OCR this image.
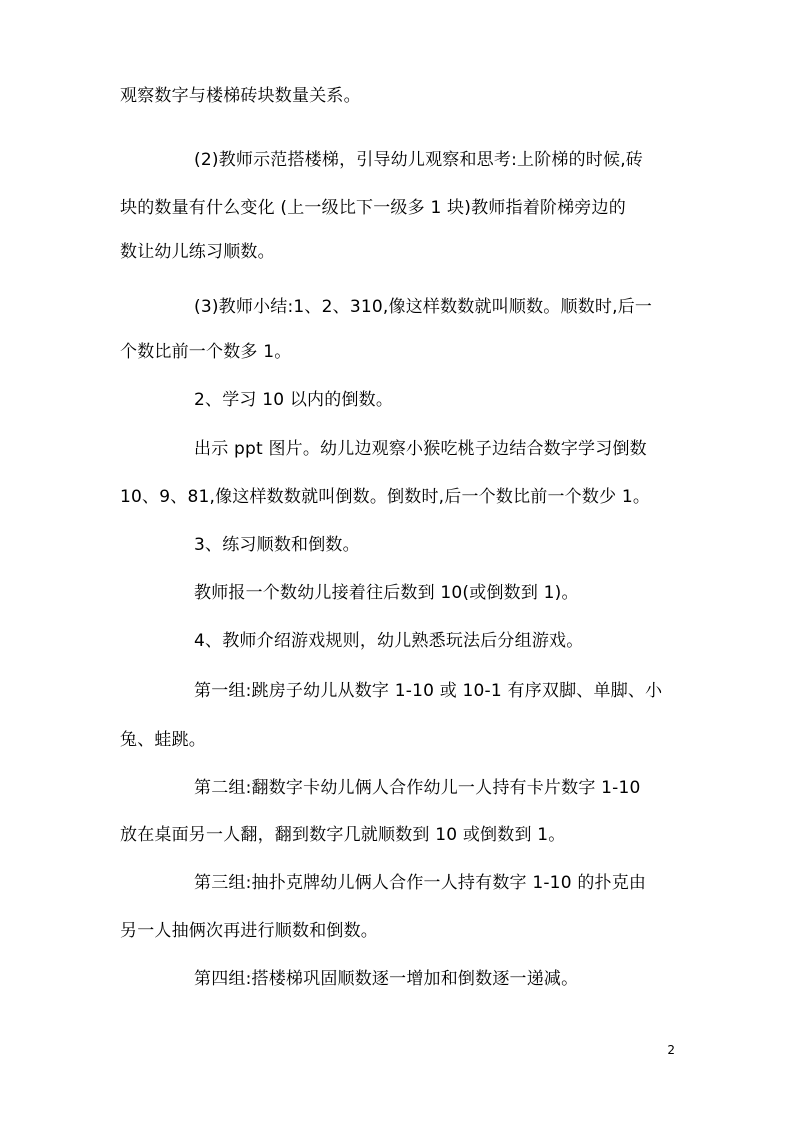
观察数字与楼梯砖块数量关系。
(2)教师示范搭楼梯，引导幼儿观察和思考:上阶梯的时候,砖
块的数量有什么变化 (上一级比下一级多 1 块)教师指着阶梯旁边的
数让幼儿练习顺数。
(3)教师小结:1、2、310,像这样数数就叫顺数。顺数时,后一
个数比前一个数多 1。
2、学习 10 以内的倒数。
出示 ppt 图片。幼儿边观察小猴吃桃子边结合数字学习倒数
10、9、81,像这样数数就叫倒数。倒数时,后一个数比前一个数少 1。
3、练习顺数和倒数。
教师报一个数幼儿接着往后数到 10(或倒数到 1)。
4、教师介绍游戏规则，幼儿熟悉玩法后分组游戏。
第一组:跳房子幼儿从数字 1-10 或 10-1 有序双脚、单脚、小
兔、蛙跳。
第二组:翻数字卡幼儿俩人合作幼儿一人持有卡片数字 1-10
放在桌面另一人翻，翻到数字几就顺数到 10 或倒数到 1。
第三组:抽扑克牌幼儿俩人合作一人持有数字 1-10 的扑克由
另一人抽俩次再进行顺数和倒数。
第四组:搭楼梯巩固顺数逐一增加和倒数逐一递减。
2
